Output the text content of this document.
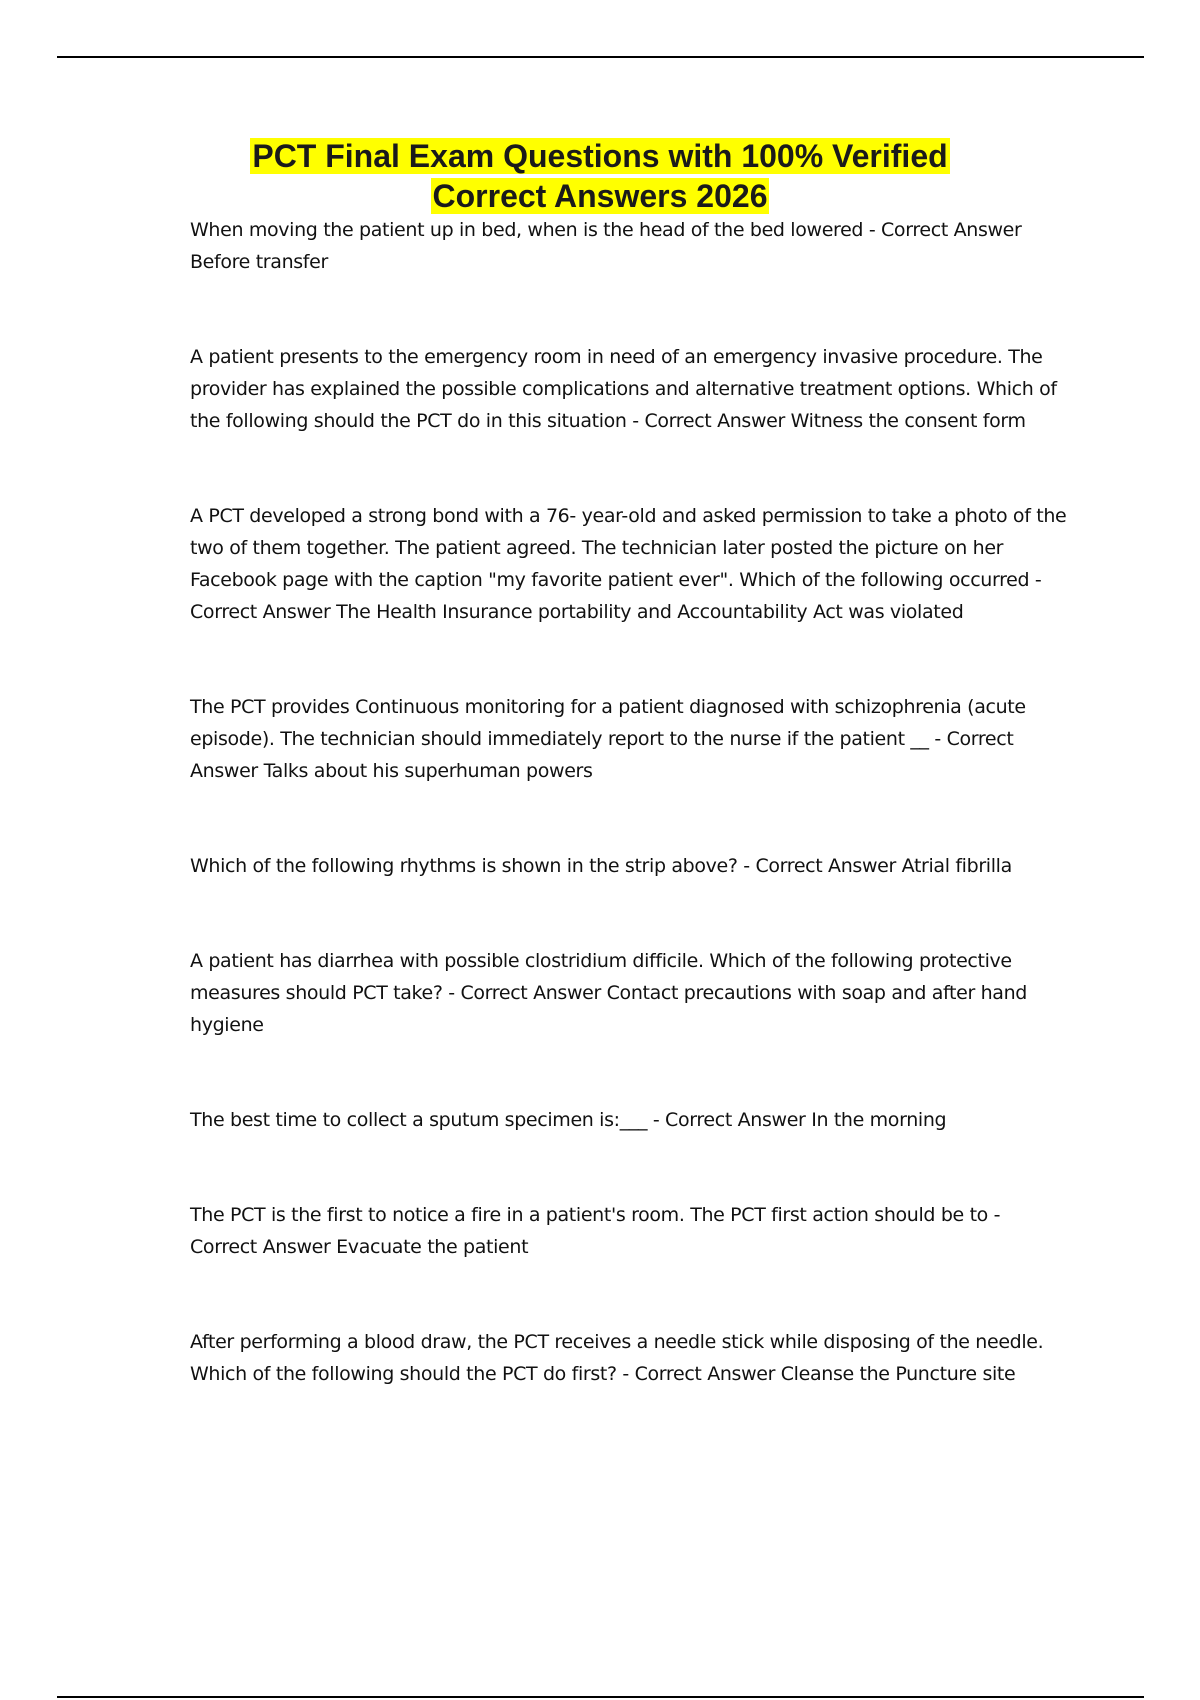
PCT Final Exam Questions with 100% Verified
Correct Answers 2026
When moving the patient up in bed, when is the head of the bed lowered - Correct Answer Before transfer
A patient presents to the emergency room in need of an emergency invasive procedure. The provider has explained the possible complications and alternative treatment options. Which of the following should the PCT do in this situation - Correct Answer Witness the consent form
A PCT developed a strong bond with a 76- year-old and asked permission to take a photo of the two of them together. The patient agreed. The technician later posted the picture on her Facebook page with the caption "my favorite patient ever". Which of the following occurred - Correct Answer The Health Insurance portability and Accountability Act was violated
The PCT provides Continuous monitoring for a patient diagnosed with schizophrenia (acute episode). The technician should immediately report to the nurse if the patient __ - Correct Answer Talks about his superhuman powers
Which of the following rhythms is shown in the strip above? - Correct Answer Atrial fibrilla
A patient has diarrhea with possible clostridium difficile. Which of the following protective measures should PCT take? - Correct Answer Contact precautions with soap and after hand hygiene
The best time to collect a sputum specimen is:___ - Correct Answer In the morning
The PCT is the first to notice a fire in a patient's room. The PCT first action should be to - Correct Answer Evacuate the patient
After performing a blood draw, the PCT receives a needle stick while disposing of the needle. Which of the following should the PCT do first? - Correct Answer Cleanse the Puncture site
